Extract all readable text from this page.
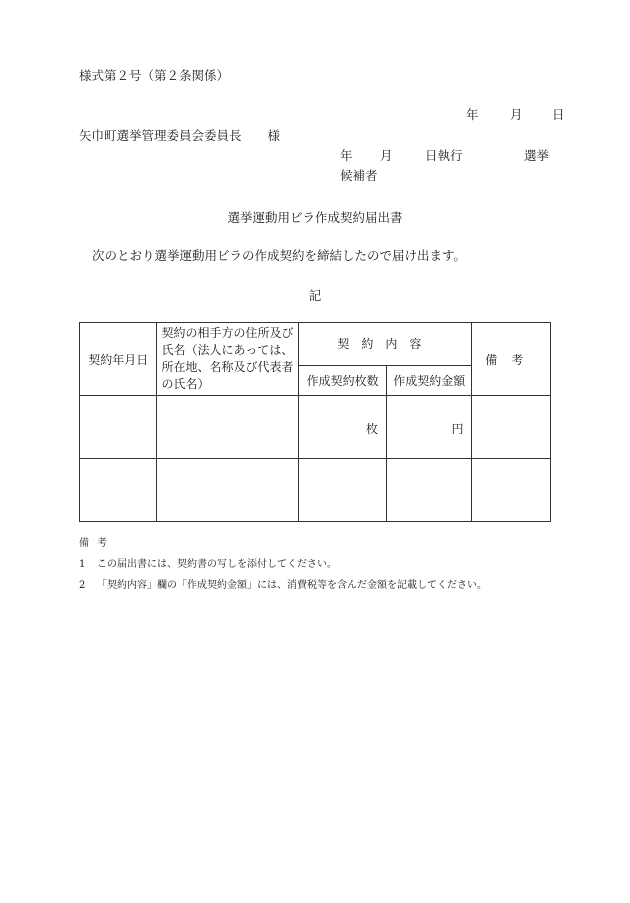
様式第２号（第２条関係）
年	月	日
矢巾町選挙管理委員会委員長 様
年 月	日執行	選挙
候補者
選挙運動用ビラ作成契約届出書
次のとおり選挙運動用ビラの作成契約を締結したので届け出ます。
記
契約年月日	契約の相手方の住所及び氏名（法人にあっては、所在地、名称及び代表者の氏名）	契約内容		備考
		作成契約枚数	作成契約金額	

		枚	円	

備考
1 この届出書には、契約書の写しを添付してください。
2 「契約内容」欄の「作成契約金額」には、消費税等を含んだ金額を記載してください。
